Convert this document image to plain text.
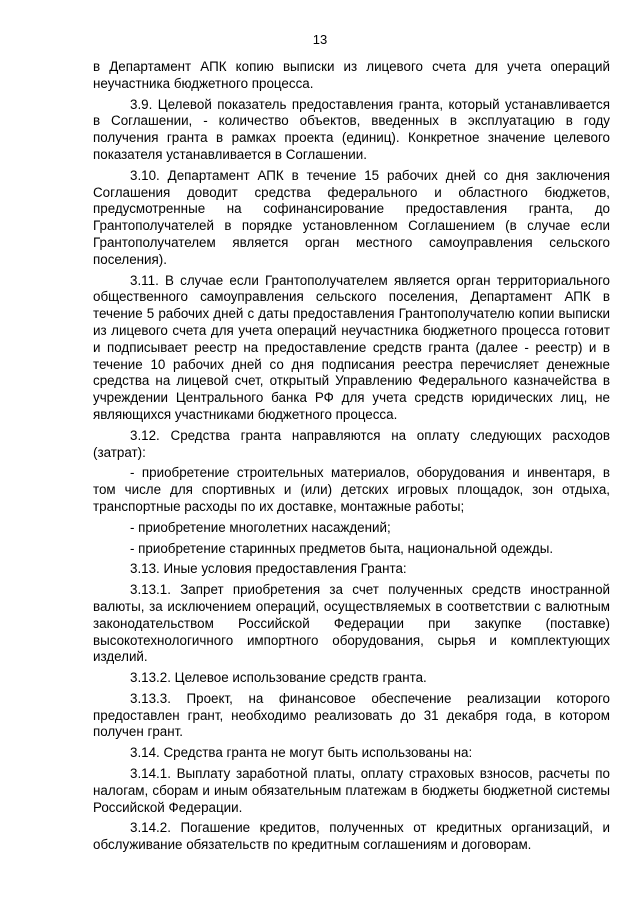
13

в Департамент АПК копию выписки из лицевого счета для учета операций неучастника бюджетного процесса.

3.9. Целевой показатель предоставления гранта, который устанавливается в Соглашении, - количество объектов, введенных в эксплуатацию в году получения гранта в рамках проекта (единиц). Конкретное значение целевого показателя устанавливается в Соглашении.

3.10. Департамент АПК в течение 15 рабочих дней со дня заключения Соглашения доводит средства федерального и областного бюджетов, предусмотренные на софинансирование предоставления гранта, до Грантополучателей в порядке установленном Соглашением (в случае если Грантополучателем является орган местного самоуправления сельского поселения).

3.11. В случае если Грантополучателем является орган территориального общественного самоуправления сельского поселения, Департамент АПК в течение 5 рабочих дней с даты предоставления Грантополучателю копии выписки из лицевого счета для учета операций неучастника бюджетного процесса готовит и подписывает реестр на предоставление средств гранта (далее - реестр) и в течение 10 рабочих дней со дня подписания реестра перечисляет денежные средства на лицевой счет, открытый Управлению Федерального казначейства в учреждении Центрального банка РФ для учета средств юридических лиц, не являющихся участниками бюджетного процесса.

3.12. Средства гранта направляются на оплату следующих расходов (затрат):

- приобретение строительных материалов, оборудования и инвентаря, в том числе для спортивных и (или) детских игровых площадок, зон отдыха, транспортные расходы по их доставке, монтажные работы;

- приобретение многолетних насаждений;

- приобретение старинных предметов быта, национальной одежды.

3.13. Иные условия предоставления Гранта:

3.13.1. Запрет приобретения за счет полученных средств иностранной валюты, за исключением операций, осуществляемых в соответствии с валютным законодательством Российской Федерации при закупке (поставке) высокотехнологичного импортного оборудования, сырья и комплектующих изделий.

3.13.2. Целевое использование средств гранта.

3.13.3. Проект, на финансовое обеспечение реализации которого предоставлен грант, необходимо реализовать до 31 декабря года, в котором получен грант.

3.14. Средства гранта не могут быть использованы на:

3.14.1. Выплату заработной платы, оплату страховых взносов, расчеты по налогам, сборам и иным обязательным платежам в бюджеты бюджетной системы Российской Федерации.

3.14.2. Погашение кредитов, полученных от кредитных организаций, и обслуживание обязательств по кредитным соглашениям и договорам.
